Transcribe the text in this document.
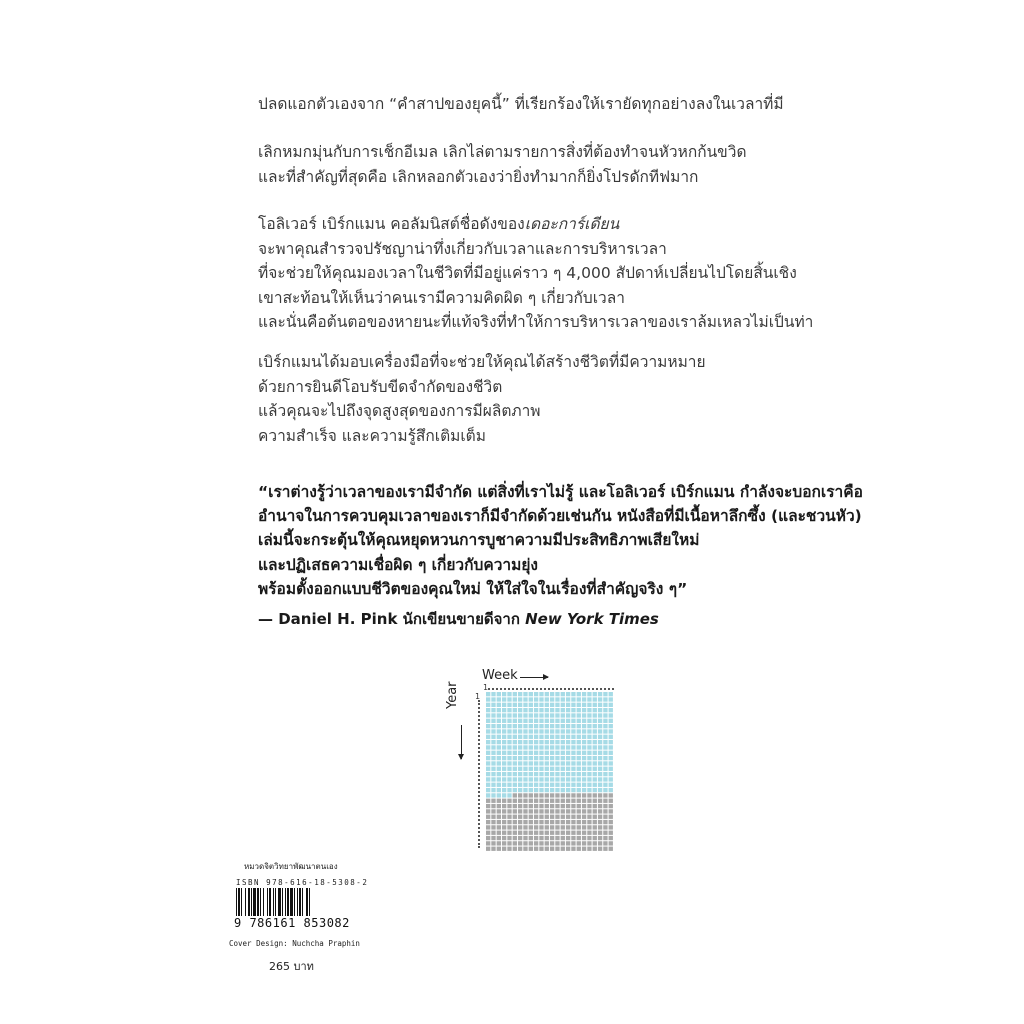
ปลดแอกตัวเองจาก “คำสาปของยุคนี้” ที่เรียกร้องให้เรายัดทุกอย่างลงในเวลาที่มี
เลิกหมกมุ่นกับการเช็กอีเมล เลิกไล่ตามรายการสิ่งที่ต้องทำจนหัวหกก้นขวิด
และที่สำคัญที่สุดคือ เลิกหลอกตัวเองว่ายิ่งทำมากก็ยิ่งโปรดักทีฟมาก
โอลิเวอร์ เบิร์กแมน คอลัมนิสต์ชื่อดังของเดอะการ์เดียน
จะพาคุณสำรวจปรัชญาน่าทึ่งเกี่ยวกับเวลาและการบริหารเวลา
ที่จะช่วยให้คุณมองเวลาในชีวิตที่มีอยู่แค่ราว ๆ 4,000 สัปดาห์เปลี่ยนไปโดยสิ้นเชิง
เขาสะท้อนให้เห็นว่าคนเรามีความคิดผิด ๆ เกี่ยวกับเวลา
และนั่นคือต้นตอของหายนะที่แท้จริงที่ทำให้การบริหารเวลาของเราล้มเหลวไม่เป็นท่า
เบิร์กแมนได้มอบเครื่องมือที่จะช่วยให้คุณได้สร้างชีวิตที่มีความหมาย
ด้วยการยินดีโอบรับขีดจำกัดของชีวิต
แล้วคุณจะไปถึงจุดสูงสุดของการมีผลิตภาพ
ความสำเร็จ และความรู้สึกเติมเต็ม
“เราต่างรู้ว่าเวลาของเรามีจำกัด แต่สิ่งที่เราไม่รู้ และโอลิเวอร์ เบิร์กแมน กำลังจะบอกเราคือ
อำนาจในการควบคุมเวลาของเราก็มีจำกัดด้วยเช่นกัน หนังสือที่มีเนื้อหาลึกซึ้ง (และชวนหัว)
เล่มนี้จะกระตุ้นให้คุณหยุดหวนการบูชาความมีประสิทธิภาพเสียใหม่
และปฏิเสธความเชื่อผิด ๆ เกี่ยวกับความยุ่ง
พร้อมตั้งออกแบบชีวิตของคุณใหม่ ให้ใส่ใจในเรื่องที่สำคัญจริง ๆ”
— Daniel H. Pink นักเขียนขายดีจาก New York Times
Week
Year	1
1
หมวดจิตวิทยาพัฒนาตนเอง
ISBN 978-616-18-5308-2
9 786161 853082
Cover Design: Nuchcha Praphin
265 บาท
